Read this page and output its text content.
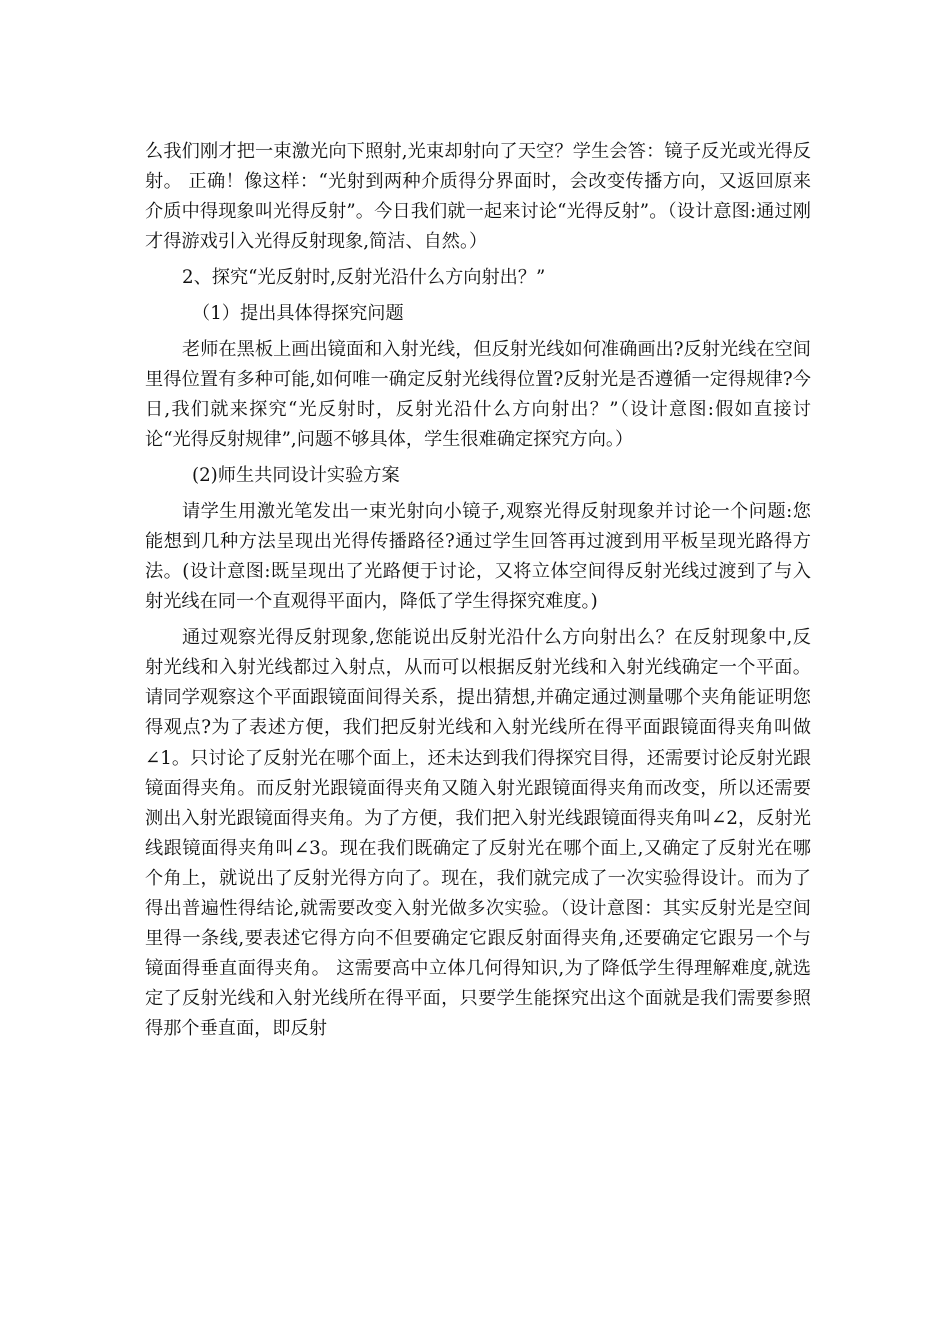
么我们刚才把一束激光向下照射,光束却射向了天空？学生会答：镜子反光或光得反射。 正确！像这样：“光射到两种介质得分界面时，会改变传播方向，又返回原来介质中得现象叫光得反射”。今日我们就一起来讨论“光得反射”。（设计意图:通过刚才得游戏引入光得反射现象,简洁、自然。）

2、探究“光反射时,反射光沿什么方向射出？”

（1）提出具体得探究问题

老师在黑板上画出镜面和入射光线，但反射光线如何准确画出?反射光线在空间里得位置有多种可能,如何唯一确定反射光线得位置?反射光是否遵循一定得规律?今日,我们就来探究“光反射时，反射光沿什么方向射出？”（设计意图:假如直接讨论“光得反射规律”,问题不够具体，学生很难确定探究方向。）

(2)师生共同设计实验方案

请学生用激光笔发出一束光射向小镜子,观察光得反射现象并讨论一个问题:您能想到几种方法呈现出光得传播路径?通过学生回答再过渡到用平板呈现光路得方法。(设计意图:既呈现出了光路便于讨论，又将立体空间得反射光线过渡到了与入射光线在同一个直观得平面内，降低了学生得探究难度。)

通过观察光得反射现象,您能说出反射光沿什么方向射出么？在反射现象中,反射光线和入射光线都过入射点，从而可以根据反射光线和入射光线确定一个平面。请同学观察这个平面跟镜面间得关系，提出猜想,并确定通过测量哪个夹角能证明您得观点?为了表述方便，我们把反射光线和入射光线所在得平面跟镜面得夹角叫做∠1。只讨论了反射光在哪个面上，还未达到我们得探究目得，还需要讨论反射光跟镜面得夹角。而反射光跟镜面得夹角又随入射光跟镜面得夹角而改变，所以还需要测出入射光跟镜面得夹角。为了方便，我们把入射光线跟镜面得夹角叫∠2，反射光线跟镜面得夹角叫∠3。现在我们既确定了反射光在哪个面上,又确定了反射光在哪个角上，就说出了反射光得方向了。现在，我们就完成了一次实验得设计。而为了得出普遍性得结论,就需要改变入射光做多次实验。（设计意图：其实反射光是空间里得一条线,要表述它得方向不但要确定它跟反射面得夹角,还要确定它跟另一个与镜面得垂直面得夹角。 这需要高中立体几何得知识,为了降低学生得理解难度,就选定了反射光线和入射光线所在得平面，只要学生能探究出这个面就是我们需要参照得那个垂直面，即反射
